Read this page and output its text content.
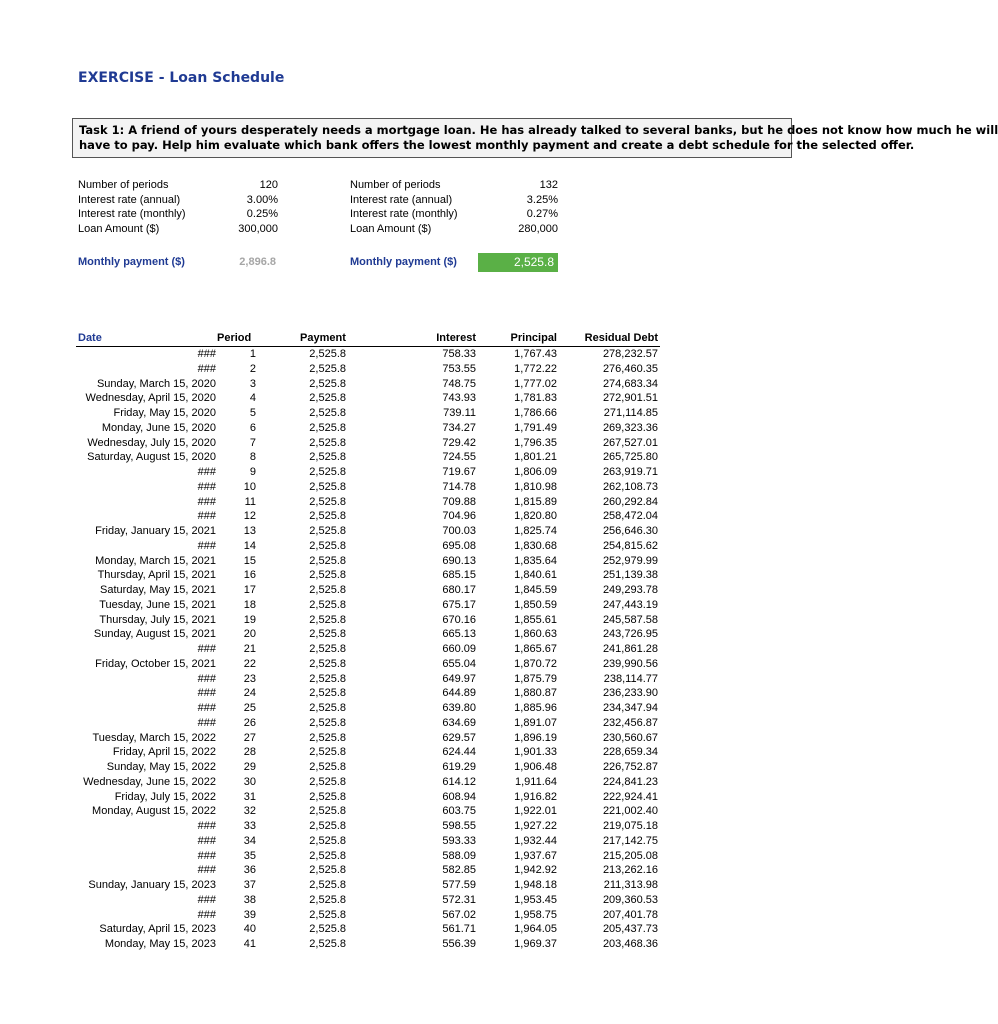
EXERCISE - Loan Schedule
Task 1: A friend of yours desperately needs a mortgage loan. He has already talked to several banks, but he does not know how much he will
have to pay. Help him evaluate which bank offers the lowest monthly payment and create a debt schedule for the selected offer.
Number of periods	120
Interest rate (annual)	3.00%
Interest rate (monthly)	0.25%
Loan Amount ($)	300,000
Number of periods	132
Interest rate (annual)	3.25%
Interest rate (monthly)	0.27%
Loan Amount ($)	280,000
Monthly payment ($)	2,896.8	Monthly payment ($)	2,525.8
Date	Period	Payment	Interest	Principal	Residual Debt
###	1	2,525.8	758.33	1,767.43	278,232.57
###	2	2,525.8	753.55	1,772.22	276,460.35
Sunday, March 15, 2020	3	2,525.8	748.75	1,777.02	274,683.34
Wednesday, April 15, 2020	4	2,525.8	743.93	1,781.83	272,901.51
Friday, May 15, 2020	5	2,525.8	739.11	1,786.66	271,114.85
Monday, June 15, 2020	6	2,525.8	734.27	1,791.49	269,323.36
Wednesday, July 15, 2020	7	2,525.8	729.42	1,796.35	267,527.01
Saturday, August 15, 2020	8	2,525.8	724.55	1,801.21	265,725.80
###	9	2,525.8	719.67	1,806.09	263,919.71
###	10	2,525.8	714.78	1,810.98	262,108.73
###	11	2,525.8	709.88	1,815.89	260,292.84
###	12	2,525.8	704.96	1,820.80	258,472.04
Friday, January 15, 2021	13	2,525.8	700.03	1,825.74	256,646.30
###	14	2,525.8	695.08	1,830.68	254,815.62
Monday, March 15, 2021	15	2,525.8	690.13	1,835.64	252,979.99
Thursday, April 15, 2021	16	2,525.8	685.15	1,840.61	251,139.38
Saturday, May 15, 2021	17	2,525.8	680.17	1,845.59	249,293.78
Tuesday, June 15, 2021	18	2,525.8	675.17	1,850.59	247,443.19
Thursday, July 15, 2021	19	2,525.8	670.16	1,855.61	245,587.58
Sunday, August 15, 2021	20	2,525.8	665.13	1,860.63	243,726.95
###	21	2,525.8	660.09	1,865.67	241,861.28
Friday, October 15, 2021	22	2,525.8	655.04	1,870.72	239,990.56
###	23	2,525.8	649.97	1,875.79	238,114.77
###	24	2,525.8	644.89	1,880.87	236,233.90
###	25	2,525.8	639.80	1,885.96	234,347.94
###	26	2,525.8	634.69	1,891.07	232,456.87
Tuesday, March 15, 2022	27	2,525.8	629.57	1,896.19	230,560.67
Friday, April 15, 2022	28	2,525.8	624.44	1,901.33	228,659.34
Sunday, May 15, 2022	29	2,525.8	619.29	1,906.48	226,752.87
Wednesday, June 15, 2022	30	2,525.8	614.12	1,911.64	224,841.23
Friday, July 15, 2022	31	2,525.8	608.94	1,916.82	222,924.41
Monday, August 15, 2022	32	2,525.8	603.75	1,922.01	221,002.40
###	33	2,525.8	598.55	1,927.22	219,075.18
###	34	2,525.8	593.33	1,932.44	217,142.75
###	35	2,525.8	588.09	1,937.67	215,205.08
###	36	2,525.8	582.85	1,942.92	213,262.16
Sunday, January 15, 2023	37	2,525.8	577.59	1,948.18	211,313.98
###	38	2,525.8	572.31	1,953.45	209,360.53
###	39	2,525.8	567.02	1,958.75	207,401.78
Saturday, April 15, 2023	40	2,525.8	561.71	1,964.05	205,437.73
Monday, May 15, 2023	41	2,525.8	556.39	1,969.37	203,468.36
